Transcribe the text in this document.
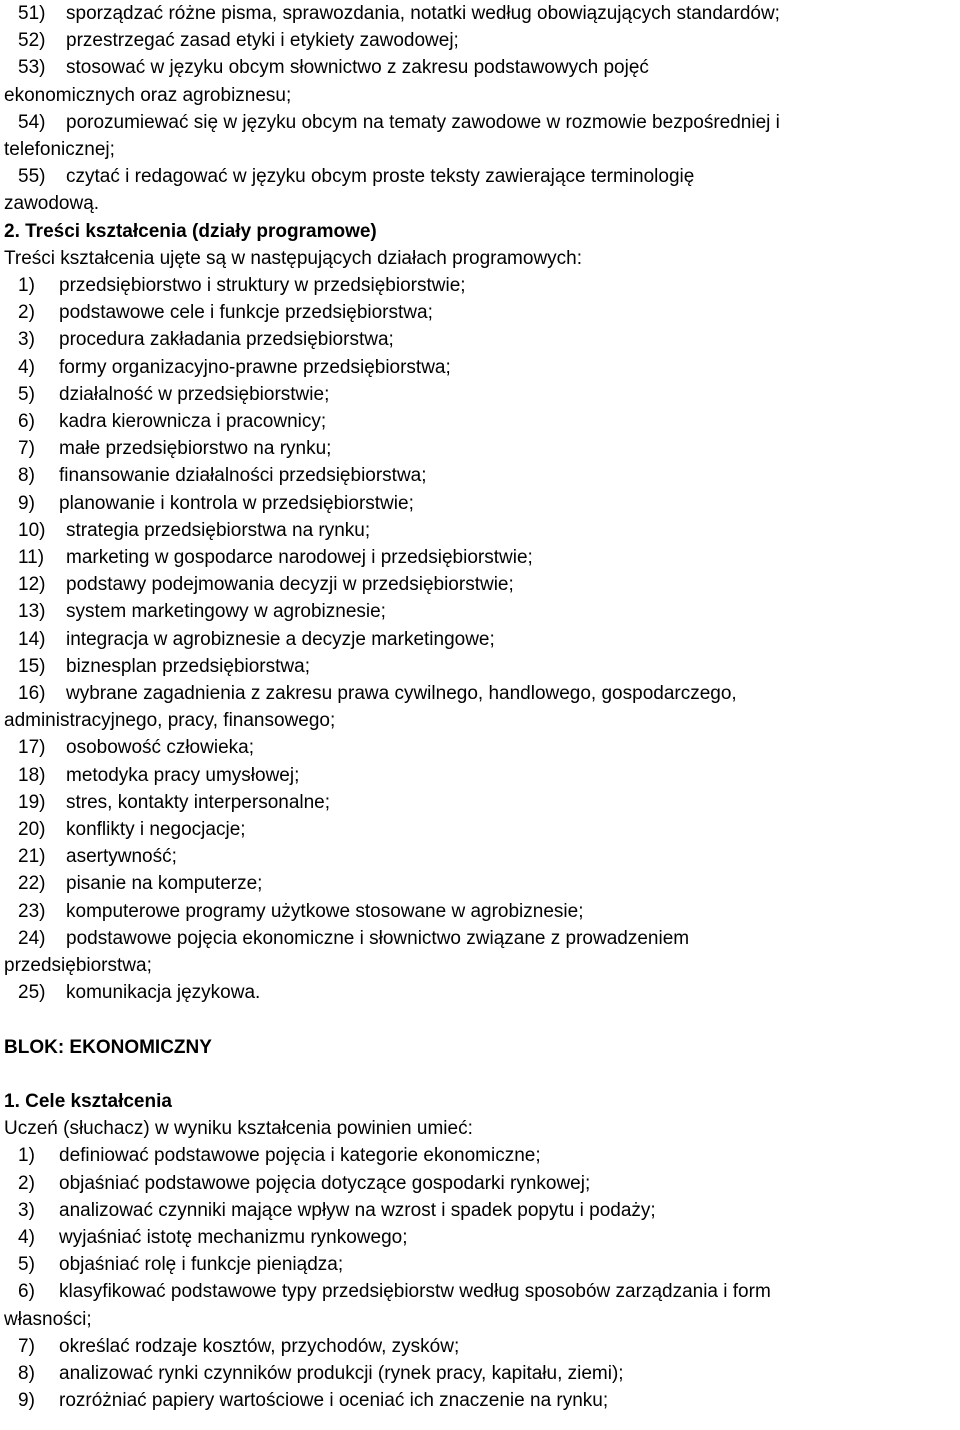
51) sporządzać różne pisma, sprawozdania, notatki według obowiązujących standardów;
52) przestrzegać zasad etyki i etykiety zawodowej;
53) stosować w języku obcym słownictwo z zakresu podstawowych pojęć
ekonomicznych oraz agrobiznesu;
54) porozumiewać się w języku obcym na tematy zawodowe w rozmowie bezpośredniej i
telefonicznej;
55) czytać i redagować w języku obcym proste teksty zawierające terminologię
zawodową.
2. Treści kształcenia (działy programowe)
Treści kształcenia ujęte są w następujących działach programowych:
1) przedsiębiorstwo i struktury w przedsiębiorstwie;
2) podstawowe cele i funkcje przedsiębiorstwa;
3) procedura zakładania przedsiębiorstwa;
4) formy organizacyjno-prawne przedsiębiorstwa;
5) działalność w przedsiębiorstwie;
6) kadra kierownicza i pracownicy;
7) małe przedsiębiorstwo na rynku;
8) finansowanie działalności przedsiębiorstwa;
9) planowanie i kontrola w przedsiębiorstwie;
10) strategia przedsiębiorstwa na rynku;
11) marketing w gospodarce narodowej i przedsiębiorstwie;
12) podstawy podejmowania decyzji w przedsiębiorstwie;
13) system marketingowy w agrobiznesie;
14) integracja w agrobiznesie a decyzje marketingowe;
15) biznesplan przedsiębiorstwa;
16) wybrane zagadnienia z zakresu prawa cywilnego, handlowego, gospodarczego,
administracyjnego, pracy, finansowego;
17) osobowość człowieka;
18) metodyka pracy umysłowej;
19) stres, kontakty interpersonalne;
20) konflikty i negocjacje;
21) asertywność;
22) pisanie na komputerze;
23) komputerowe programy użytkowe stosowane w agrobiznesie;
24) podstawowe pojęcia ekonomiczne i słownictwo związane z prowadzeniem
przedsiębiorstwa;
25) komunikacja językowa.
BLOK: EKONOMICZNY
1. Cele kształcenia
Uczeń (słuchacz) w wyniku kształcenia powinien umieć:
1) definiować podstawowe pojęcia i kategorie ekonomiczne;
2) objaśniać podstawowe pojęcia dotyczące gospodarki rynkowej;
3) analizować czynniki mające wpływ na wzrost i spadek popytu i podaży;
4) wyjaśniać istotę mechanizmu rynkowego;
5) objaśniać rolę i funkcje pieniądza;
6) klasyfikować podstawowe typy przedsiębiorstw według sposobów zarządzania i form
własności;
7) określać rodzaje kosztów, przychodów, zysków;
8) analizować rynki czynników produkcji (rynek pracy, kapitału, ziemi);
9) rozróżniać papiery wartościowe i oceniać ich znaczenie na rynku;
